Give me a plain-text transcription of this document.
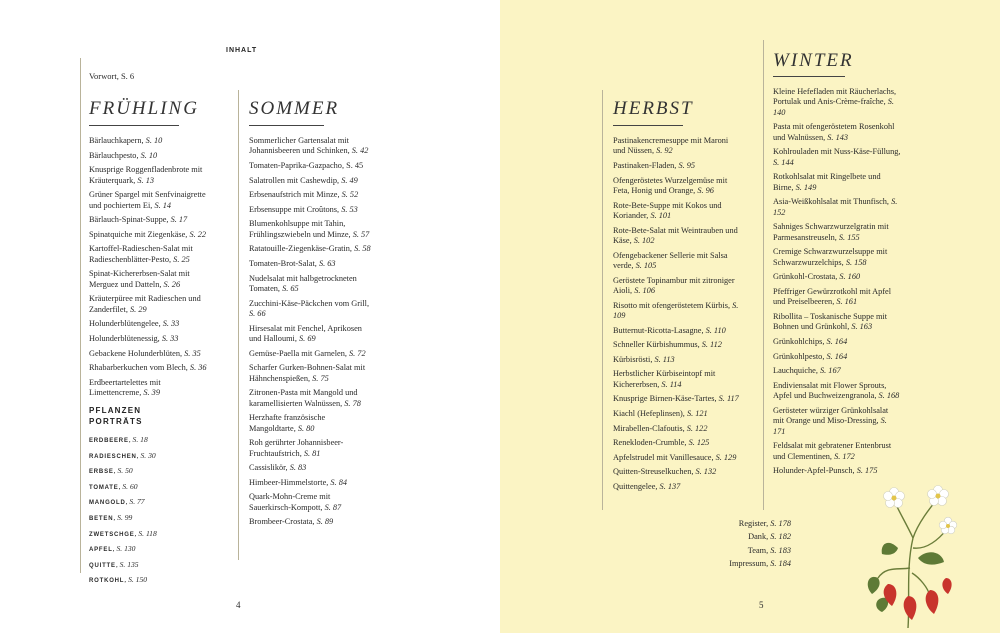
INHALT
Vorwort, S. 6
FRÜHLING	SOMMER	HERBST
WINTER
Bärlauchkapern, S. 10
Bärlauchpesto, S. 10
Knusprige Roggenfladenbrote mit Kräuterquark, S. 13
Grüner Spargel mit Senfvinaigrette und pochiertem Ei, S. 14
Bärlauch-Spinat-Suppe, S. 17
Spinatquiche mit Ziegenkäse, S. 22
Kartoffel-Radieschen-Salat mit Radieschenblätter-Pesto, S. 25
Spinat-Kichererbsen-Salat mit Merguez und Datteln, S. 26
Kräuterpüree mit Radieschen und Zanderfilet, S. 29
Holunderblütengelee, S. 33
Holunderblütenessig, S. 33
Gebackene Holunderblüten, S. 35
Rhabarberkuchen vom Blech, S. 36
Erdbeertartelettes mit Limettencreme, S. 39
Sommerlicher Gartensalat mit Johannisbeeren und Schinken, S. 42
Tomaten-Paprika-Gazpacho, S. 45
Salatrollen mit Cashewdip, S. 49
Erbsenaufstrich mit Minze, S. 52
Erbsensuppe mit Croûtons, S. 53
Blumenkohlsuppe mit Tahin, Frühlingszwiebeln und Minze, S. 57
Ratatouille-Ziegenkäse-Gratin, S. 58
Tomaten-Brot-Salat, S. 63
Nudelsalat mit halbgetrockneten Tomaten, S. 65
Zucchini-Käse-Päckchen vom Grill, S. 66
Hirsesalat mit Fenchel, Aprikosen und Halloumi, S. 69
Gemüse-Paella mit Garnelen, S. 72
Scharfer Gurken-Bohnen-Salat mit Hähnchenspießen, S. 75
Zitronen-Pasta mit Mangold und karamellisierten Walnüssen, S. 78
Herzhafte französische Mangoldtarte, S. 80
Roh gerührter Johannisbeer-Fruchtaufstrich, S. 81
Cassislikör, S. 83
Himbeer-Himmelstorte, S. 84
Quark-Mohn-Creme mit Sauerkirsch-Kompott, S. 87
Brombeer-Crostata, S. 89
Pastinakencremesuppe mit Maroni und Nüssen, S. 92
Pastinaken-Fladen, S. 95
Ofengeröstetes Wurzelgemüse mit Feta, Honig und Orange, S. 96
Rote-Bete-Suppe mit Kokos und Koriander, S. 101
Rote-Bete-Salat mit Weintrauben und Käse, S. 102
Ofengebackener Sellerie mit Salsa verde, S. 105
Geröstete Topinambur mit zitroniger Aioli, S. 106
Risotto mit ofengeröstetem Kürbis, S. 109
Butternut-Ricotta-Lasagne, S. 110
Schneller Kürbishummus, S. 112
Kürbisrösti, S. 113
Herbstlicher Kürbiseintopf mit Kichererbsen, S. 114
Knusprige Birnen-Käse-Tartes, S. 117
Kiachl (Hefeplinsen), S. 121
Mirabellen-Clafoutis, S. 122
Renekloden-Crumble, S. 125
Apfelstrudel mit Vanillesauce, S. 129
Quitten-Streuselkuchen, S. 132
Quittengelee, S. 137
Kleine Hefefladen mit Räucherlachs, Portulak und Anis-Crème-fraîche, S. 140
Pasta mit ofengeröstetem Rosenkohl und Walnüssen, S. 143
Kohlrouladen mit Nuss-Käse-Füllung, S. 144
Rotkohlsalat mit Ringelbete und Birne, S. 149
Asia-Weißkohlsalat mit Thunfisch, S. 152
Sahniges Schwarzwurzelgratin mit Parmesanstreuseln, S. 155
Cremige Schwarzwurzelsuppe mit Schwarzwurzelchips, S. 158
Grünkohl-Crostata, S. 160
Pfeffriger Gewürzrotkohl mit Apfel und Preiselbeeren, S. 161
Ribollita – Toskanische Suppe mit Bohnen und Grünkohl, S. 163
Grünkohlchips, S. 164
Grünkohlpesto, S. 164
Lauchquiche, S. 167
Endiviensalat mit Flower Sprouts, Apfel und Buchweizengranola, S. 168
Gerösteter würziger Grünkohlsalat mit Orange und Miso-Dressing, S. 171
Feldsalat mit gebratener Entenbrust und Clementinen, S. 172
Holunder-Apfel-Punsch, S. 175
PFLANZEN
PORTRÄTS
ERDBEERE, S. 18
RADIESCHEN, S. 30
ERBSE, S. 50
TOMATE, S. 60
MANGOLD, S. 77
BETEN, S. 99
ZWETSCHGE, S. 118
APFEL, S. 130
QUITTE, S. 135
ROTKOHL, S. 150
Register, S. 178
Dank, S. 182
Team, S. 183
Impressum, S. 184
4	5
